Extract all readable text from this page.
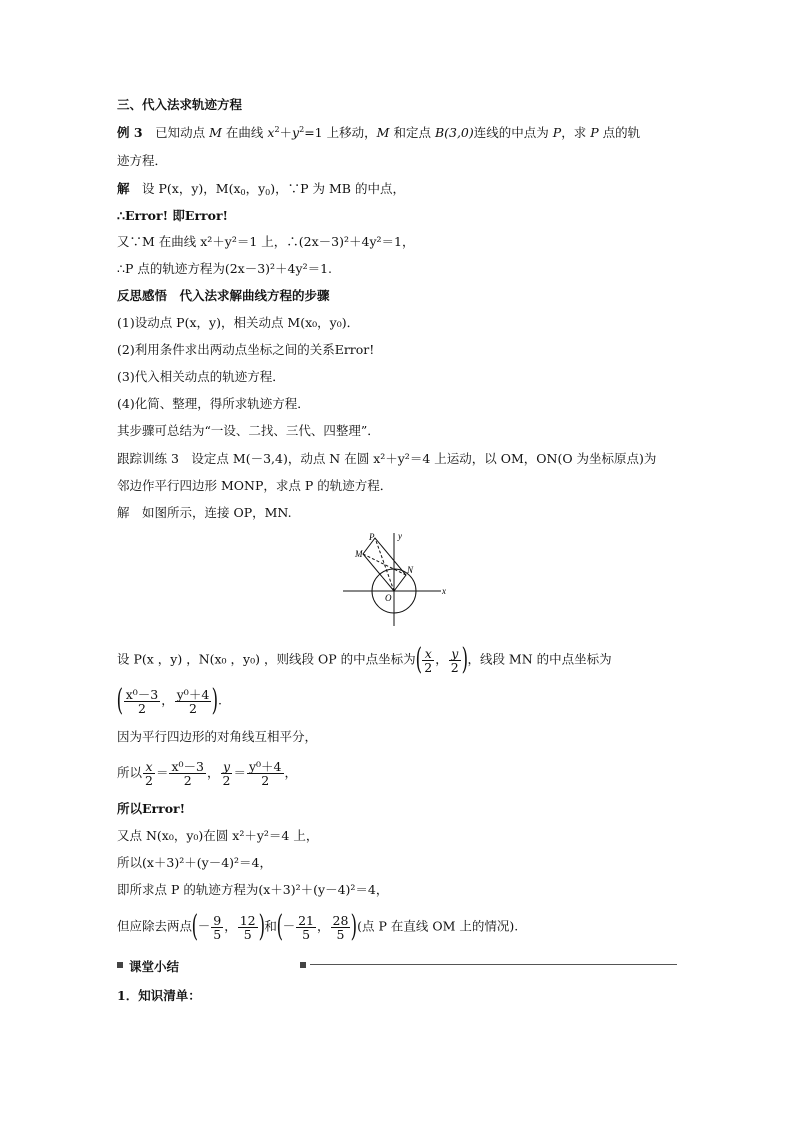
三、代入法求轨迹方程
例 3　 已知动点 M 在曲线 $x^2+y^2=1$ 上移动，M 和定点 B(3,0)连线的中点为 P，求 P 点的轨
迹方程．
解　 设 P(x，y)，$M(x_0$，$y_0$)，∵P 为 MB 的中点，
∴Error! 即Error!
又∵M 在曲线 x²＋y²＝1 上，∴(2x－3)²＋4y²＝1，
∴P 点的轨迹方程为(2x－3)²＋4y²＝1.
反思感悟　代入法求解曲线方程的步骤
(1)设动点 P(x，y)，相关动点 M(x₀，y₀)．
(2)利用条件求出两动点坐标之间的关系Error!
(3)代入相关动点的轨迹方程．
(4)化简、整理，得所求轨迹方程．
其步骤可总结为“一设、二找、三代、四整理”．
跟踪训练 3　设定点 M(－3,4)，动点 N 在圆 x²＋y²＝4 上运动，以 OM，ON(O 为坐标原点)为
邻边作平行四边形 MONP，求点 P 的轨迹方程．
解　如图所示，连接 OP，MN.
P
M
N
O
x
y
设 P(x ，y) ，N(x₀ ，y₀) ，则线段 OP 的中点坐标为( $\frac{x}{2}$ ， $\frac{y}{2}$ )，线段 MN 的中点坐标为
( $\frac{\text{x⁰－3}}{2}$ ， $\frac{\text{y⁰＋4}}{2}$ ).
因为平行四边形的对角线互相平分，
所以 $\frac{x}{2} = \frac{\text{x⁰－3}}{2}$ ， $\frac{y}{2} = \frac{\text{y⁰＋4}}{2}$ ，
所以Error!
又点 N(x₀，y₀)在圆 x²＋y²＝4 上，
所以(x＋3)²＋(y－4)²＝4，
即所求点 P 的轨迹方程为(x＋3)²＋(y－4)²＝4，
但应除去两点(－ $\frac{9}{5}$ ， $\frac{12}{5}$ )和(－ $\frac{21}{5}$ ， $\frac{28}{5}$ )(点 P 在直线 OM 上的情况).
课堂小结
1．知识清单：
